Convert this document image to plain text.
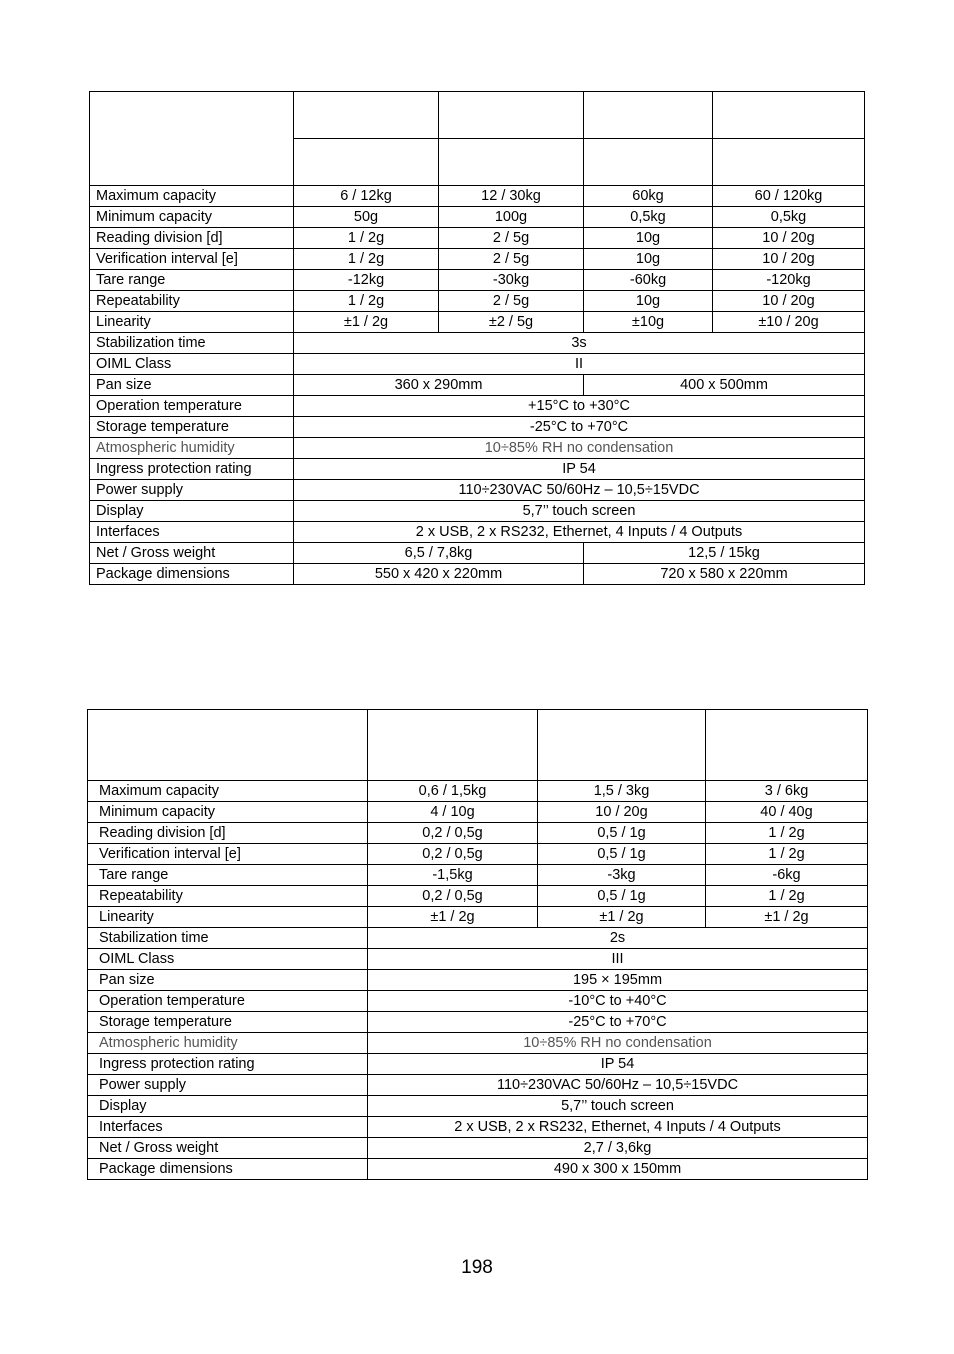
Maximum capacity	6 / 12kg	12 / 30kg	60kg	60 / 120kg
Minimum capacity	50g	100g	0,5kg	0,5kg
Reading division [d]	1 / 2g	2 / 5g	10g	10 / 20g
Verification interval [e]	1 / 2g	2 / 5g	10g	10 / 20g
Tare range	-12kg	-30kg	-60kg	-120kg
Repeatability	1 / 2g	2 / 5g	10g	10 / 20g
Linearity	±1 / 2g	±2 / 5g	±10g	±10 / 20g
Stabilization time	3s			
OIML Class	II			
Pan size	360 x 290mm		400 x 500mm	
Operation temperature	+15°C to +30°C			
Storage temperature	-25°C to +70°C			
Atmospheric humidity	10÷85% RH no condensation			
Ingress protection rating	IP 54			
Power supply	110÷230VAC 50/60Hz – 10,5÷15VDC			
Display	5,7’’ touch screen			
Interfaces	2 x USB, 2 x RS232, Ethernet, 4 Inputs / 4 Outputs			
Net / Gross weight	6,5 / 7,8kg		12,5 / 15kg	
Package dimensions	550 x 420 x 220mm		720 x 580 x 220mm	

Maximum capacity	0,6 / 1,5kg	1,5 / 3kg	3 / 6kg
Minimum capacity	4 / 10g	10 / 20g	40 / 40g
Reading division [d]	0,2 / 0,5g	0,5 / 1g	1 / 2g
Verification interval [e]	0,2 / 0,5g	0,5 / 1g	1 / 2g
Tare range	-1,5kg	-3kg	-6kg
Repeatability	0,2 / 0,5g	0,5 / 1g	1 / 2g
Linearity	±1 / 2g	±1 / 2g	±1 / 2g
Stabilization time	2s		
OIML Class	III		
Pan size	195 × 195mm		
Operation temperature	-10°C to +40°C		
Storage temperature	-25°C to +70°C		
Atmospheric humidity	10÷85% RH no condensation		
Ingress protection rating	IP 54		
Power supply	110÷230VAC 50/60Hz – 10,5÷15VDC		
Display	5,7’’ touch screen		
Interfaces	2 x USB, 2 x RS232, Ethernet, 4 Inputs / 4 Outputs		
Net / Gross weight	2,7 / 3,6kg		
Package dimensions	490 x 300 x 150mm		
198
